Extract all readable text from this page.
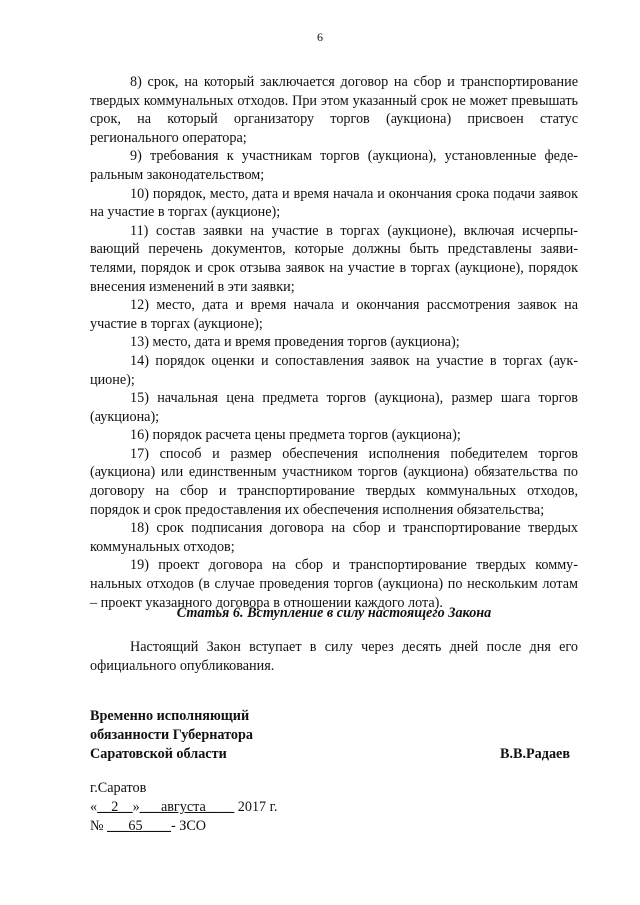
6

8) срок, на который заключается договор на сбор и транспортирование твердых коммунальных отходов. При этом указанный срок не может превышать срок, на который организатору торгов (аукциона) присвоен статус регионального оператора;

9) требования к участникам торгов (аукциона), установленные федеральным законодательством;

10) порядок, место, дата и время начала и окончания срока подачи заявок на участие в торгах (аукционе);

11) состав заявки на участие в торгах (аукционе), включая исчерпывающий перечень документов, которые должны быть представлены заявителями, порядок и срок отзыва заявок на участие в торгах (аукционе), порядок внесения изменений в эти заявки;

12) место, дата и время начала и окончания рассмотрения заявок на участие в торгах (аукционе);

13) место, дата и время проведения торгов (аукциона);

14) порядок оценки и сопоставления заявок на участие в торгах (аукционе);

15) начальная цена предмета торгов (аукциона), размер шага торгов (аукциона);

16) порядок расчета цены предмета торгов (аукциона);

17) способ и размер обеспечения исполнения победителем торгов (аукциона) или единственным участником торгов (аукциона) обязательства по договору на сбор и транспортирование твердых коммунальных отходов, порядок и срок предоставления их обеспечения исполнения обязательства;

18) срок подписания договора на сбор и транспортирование твердых коммунальных отходов;

19) проект договора на сбор и транспортирование твердых коммунальных отходов (в случае проведения торгов (аукциона) по нескольким лотам – проект указанного договора в отношении каждого лота).

Статья 6. Вступление в силу настоящего Закона

Настоящий Закон вступает в силу через десять дней после дня его официального опубликования.

Временно исполняющий
обязанности Губернатора
Саратовской области	В.В.Радаев
г.Саратов
«__2__»___августа____ 2017 г.
№ ___65____- ЗСО
